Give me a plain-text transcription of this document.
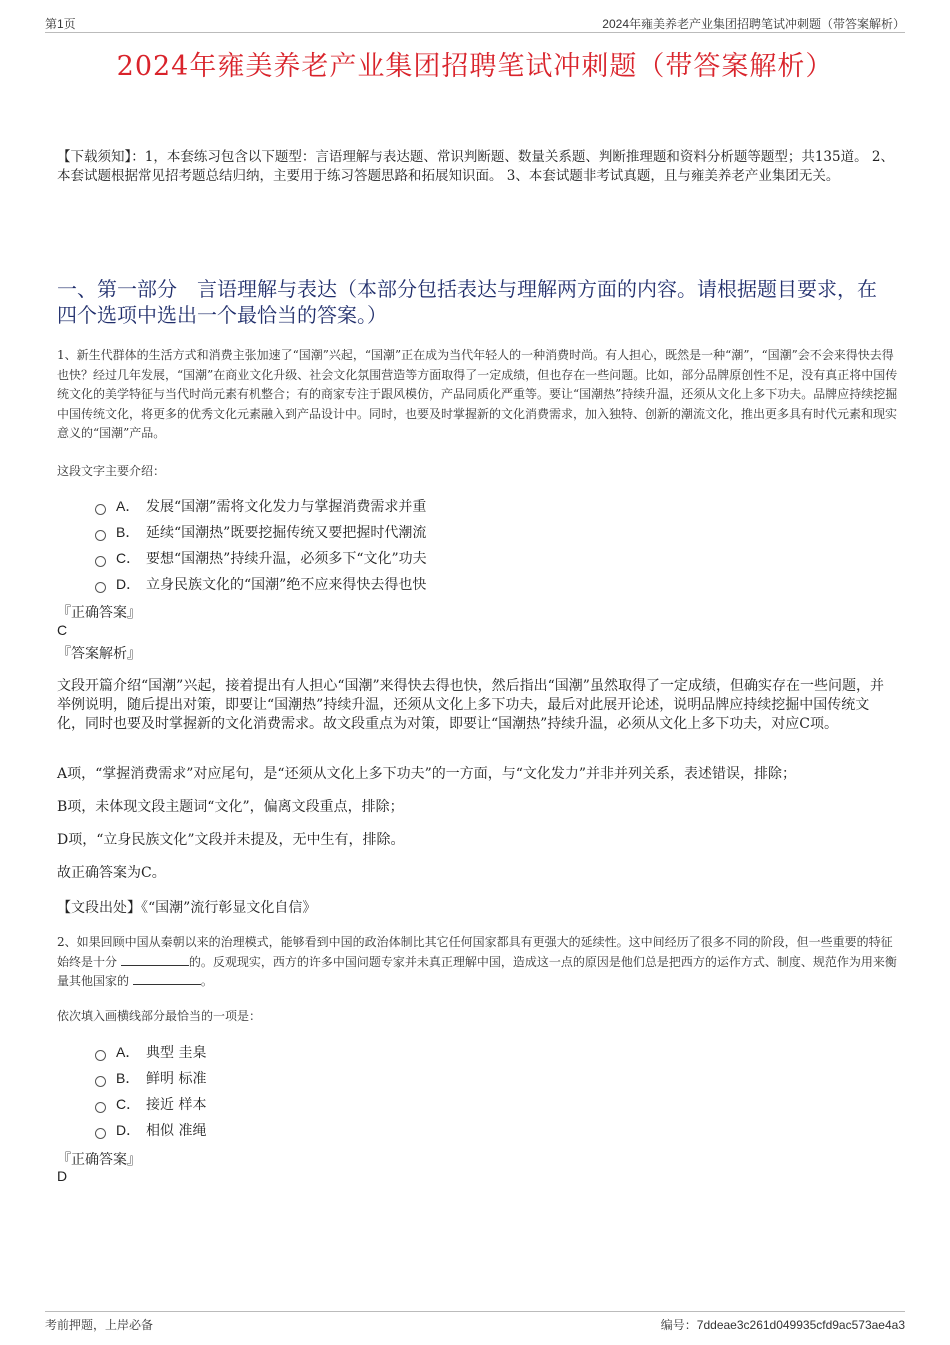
第1页	2024年雍美养老产业集团招聘笔试冲刺题（带答案解析）
2024年雍美养老产业集团招聘笔试冲刺题（带答案解析）
【下载须知】：1，本套练习包含以下题型：言语理解与表达题、常识判断题、数量关系题、判断推理题和资料分析题等题型；共135道。 2、本套试题根据常见招考题总结归纳，主要用于练习答题思路和拓展知识面。 3、本套试题非考试真题，且与雍美养老产业集团无关。
一、第一部分　言语理解与表达（本部分包括表达与理解两方面的内容。请根据题目要求，在四个选项中选出一个最恰当的答案。）
1、新生代群体的生活方式和消费主张加速了“国潮”兴起，“国潮”正在成为当代年轻人的一种消费时尚。有人担心，既然是一种“潮”，“国潮”会不会来得快去得也快？经过几年发展，“国潮”在商业文化升级、社会文化氛围营造等方面取得了一定成绩，但也存在一些问题。比如，部分品牌原创性不足，没有真正将中国传统文化的美学特征与当代时尚元素有机整合；有的商家专注于跟风模仿，产品同质化严重等。要让“国潮热”持续升温，还须从文化上多下功夫。品牌应持续挖掘中国传统文化，将更多的优秀文化元素融入到产品设计中。同时，也要及时掌握新的文化消费需求，加入独特、创新的潮流文化，推出更多具有时代元素和现实意义的“国潮”产品。
这段文字主要介绍：
A． 发展“国潮”需将文化发力与掌握消费需求并重
B． 延续“国潮热”既要挖掘传统又要把握时代潮流
C． 要想“国潮热”持续升温，必须多下“文化”功夫
D． 立身民族文化的“国潮”绝不应来得快去得也快
『正确答案』
C
『答案解析』
文段开篇介绍“国潮”兴起，接着提出有人担心“国潮”来得快去得也快，然后指出“国潮”虽然取得了一定成绩，但确实存在一些问题，并举例说明，随后提出对策，即要让“国潮热”持续升温，还须从文化上多下功夫，最后对此展开论述，说明品牌应持续挖掘中国传统文化，同时也要及时掌握新的文化消费需求。故文段重点为对策，即要让“国潮热”持续升温，必须从文化上多下功夫，对应C项。
A项，“掌握消费需求”对应尾句，是“还须从文化上多下功夫”的一方面，与“文化发力”并非并列关系，表述错误，排除；
B项，未体现文段主题词“文化”，偏离文段重点，排除；
D项，“立身民族文化”文段并未提及，无中生有，排除。
故正确答案为C。
【文段出处】《“国潮”流行彰显文化自信》
2、如果回顾中国从秦朝以来的治理模式，能够看到中国的政治体制比其它任何国家都具有更强大的延续性。这中间经历了很多不同的阶段，但一些重要的特征始终是十分	的。反观现实，西方的许多中国问题专家并未真正理解中国，造成这一点的原因是他们总是把西方的运作方式、制度、规范作为用来衡量其他国家的	。
依次填入画横线部分最恰当的一项是：
A． 典型 圭臬
B． 鲜明 标准
C． 接近 样本
D． 相似 准绳
『正确答案』
D
考前押题，上岸必备	编号：7ddeae3c261d049935cfd9ac573ae4a3
